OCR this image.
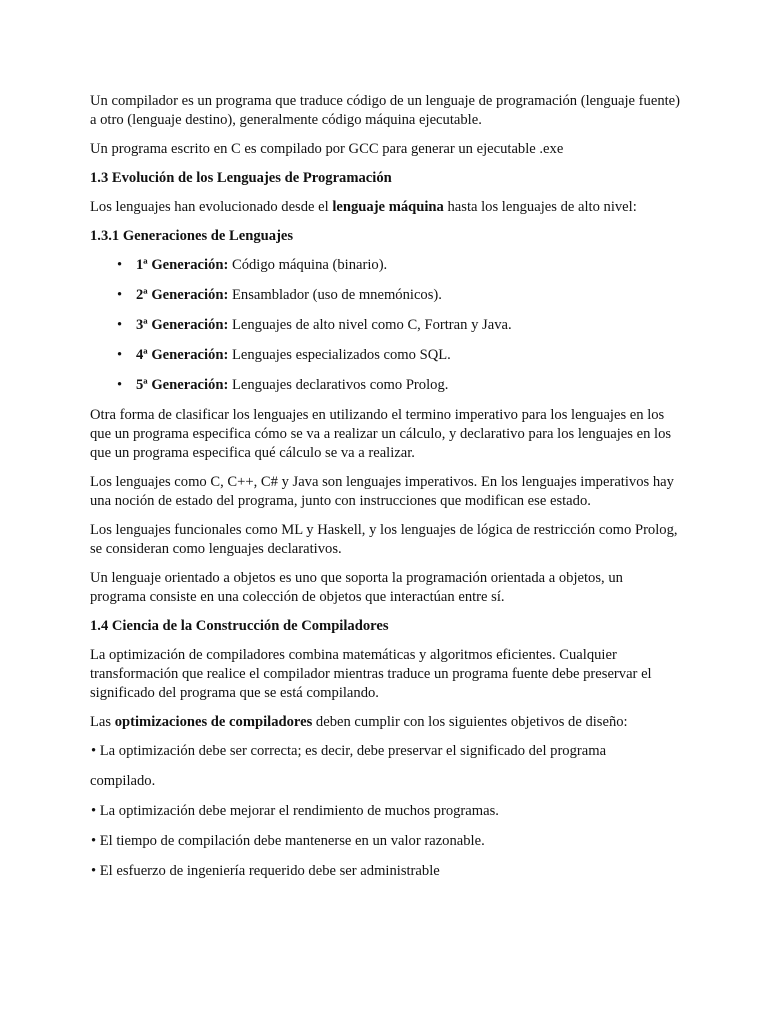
Un compilador es un programa que traduce código de un lenguaje de programación (lenguaje fuente) a otro (lenguaje destino), generalmente código máquina ejecutable.

Un programa escrito en C es compilado por GCC para generar un ejecutable .exe

1.3 Evolución de los Lenguajes de Programación

Los lenguajes han evolucionado desde el lenguaje máquina hasta los lenguajes de alto nivel:

1.3.1 Generaciones de Lenguajes
• 1ª Generación: Código máquina (binario).
• 2ª Generación: Ensamblador (uso de mnemónicos).
• 3ª Generación: Lenguajes de alto nivel como C, Fortran y Java.
• 4ª Generación: Lenguajes especializados como SQL.
• 5ª Generación: Lenguajes declarativos como Prolog.

Otra forma de clasificar los lenguajes en utilizando el termino imperativo para los lenguajes en los que un programa especifica cómo se va a realizar un cálculo, y declarativo para los lenguajes en los que un programa especifica qué cálculo se va a realizar.

Los lenguajes como C, C++, C# y Java son lenguajes imperativos. En los lenguajes imperativos hay una noción de estado del programa, junto con instrucciones que modifican ese estado.

Los lenguajes funcionales como ML y Haskell, y los lenguajes de lógica de restricción como Prolog, se consideran como lenguajes declarativos.

Un lenguaje orientado a objetos es uno que soporta la programación orientada a objetos, un programa consiste en una colección de objetos que interactúan entre sí.

1.4 Ciencia de la Construcción de Compiladores

La optimización de compiladores combina matemáticas y algoritmos eficientes. Cualquier transformación que realice el compilador mientras traduce un programa fuente debe preservar el significado del programa que se está compilando.

Las optimizaciones de compiladores deben cumplir con los siguientes objetivos de diseño:

• La optimización debe ser correcta; es decir, debe preservar el significado del programa

compilado.

• La optimización debe mejorar el rendimiento de muchos programas.

• El tiempo de compilación debe mantenerse en un valor razonable.

• El esfuerzo de ingeniería requerido debe ser administrable
